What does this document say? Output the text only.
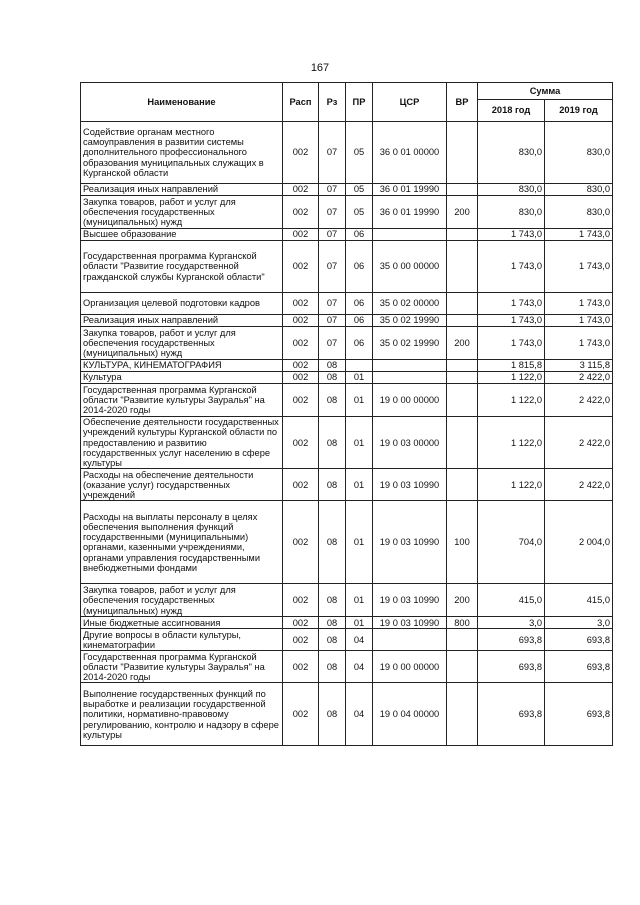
167
Наименование	Расп	Рз	ПР	ЦСР	ВР	Сумма	
						2018 год	2019 год
Содействие органам местного самоуправления в развитии системы дополнительного профессионального образования муниципальных служащих в Курганской области	002	07	05	36 0 01 00000		830,0	830,0
Реализация иных направлений	002	07	05	36 0 01 19990		830,0	830,0
Закупка товаров, работ и услуг для обеспечения государственных (муниципальных) нужд	002	07	05	36 0 01 19990	200	830,0	830,0
Высшее образование	002	07	06			1 743,0	1 743,0
Государственная программа Курганской области "Развитие государственной гражданской службы Курганской области"	002	07	06	35 0 00 00000		1 743,0	1 743,0
Организация целевой подготовки кадров	002	07	06	35 0 02 00000		1 743,0	1 743,0
Реализация иных направлений	002	07	06	35 0 02 19990		1 743,0	1 743,0
Закупка товаров, работ и услуг для обеспечения государственных (муниципальных) нужд	002	07	06	35 0 02 19990	200	1 743,0	1 743,0
КУЛЬТУРА, КИНЕМАТОГРАФИЯ	002	08				1 815,8	3 115,8
Культура	002	08	01			1 122,0	2 422,0
Государственная программа Курганской области "Развитие культуры Зауралья" на 2014-2020 годы	002	08	01	19 0 00 00000		1 122,0	2 422,0
Обеспечение деятельности государственных учреждений культуры Курганской области по предоставлению и развитию государственных услуг населению в сфере культуры	002	08	01	19 0 03 00000		1 122,0	2 422,0
Расходы на обеспечение деятельности (оказание услуг) государственных учреждений	002	08	01	19 0 03 10990		1 122,0	2 422,0
Расходы на выплаты персоналу в целях обеспечения выполнения функций государственными (муниципальными) органами, казенными учреждениями, органами управления государственными внебюджетными фондами	002	08	01	19 0 03 10990	100	704,0	2 004,0
Закупка товаров, работ и услуг для обеспечения государственных (муниципальных) нужд	002	08	01	19 0 03 10990	200	415,0	415,0
Иные бюджетные ассигнования	002	08	01	19 0 03 10990	800	3,0	3,0
Другие вопросы в области культуры, кинематографии	002	08	04			693,8	693,8
Государственная программа Курганской области "Развитие культуры Зауралья" на 2014-2020 годы	002	08	04	19 0 00 00000		693,8	693,8
Выполнение государственных функций по выработке и реализации государственной политики, нормативно-правовому регулированию, контролю и надзору в сфере культуры	002	08	04	19 0 04 00000		693,8	693,8
